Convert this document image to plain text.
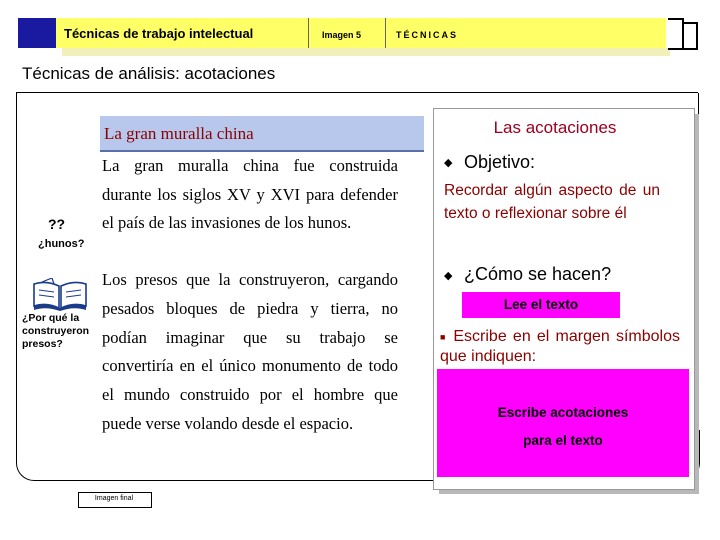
Técnicas de trabajo intelectual	Imagen 5	TÉCNICAS
Técnicas de análisis: acotaciones
La gran muralla china
La gran muralla china fue construida durante los siglos XV y XVI para defender el país de las invasiones de los hunos.
Los presos que la construyeron, cargando pesados bloques de piedra y tierra, no podían imaginar que su trabajo se convertiría en el único monumento de todo el mundo construido por el hombre que puede verse volando desde el espacio.
??
¿hunos?
¿Por qué la construyeron presos?
Imagen final
Las acotaciones
◆ Objetivo:
Recordar algún aspecto de un texto o reflexionar sobre él
◆ ¿Cómo se hacen?
Lee el texto
■ Escribe en el margen símbolos que indiquen:
Escribe acotaciones
para el texto
